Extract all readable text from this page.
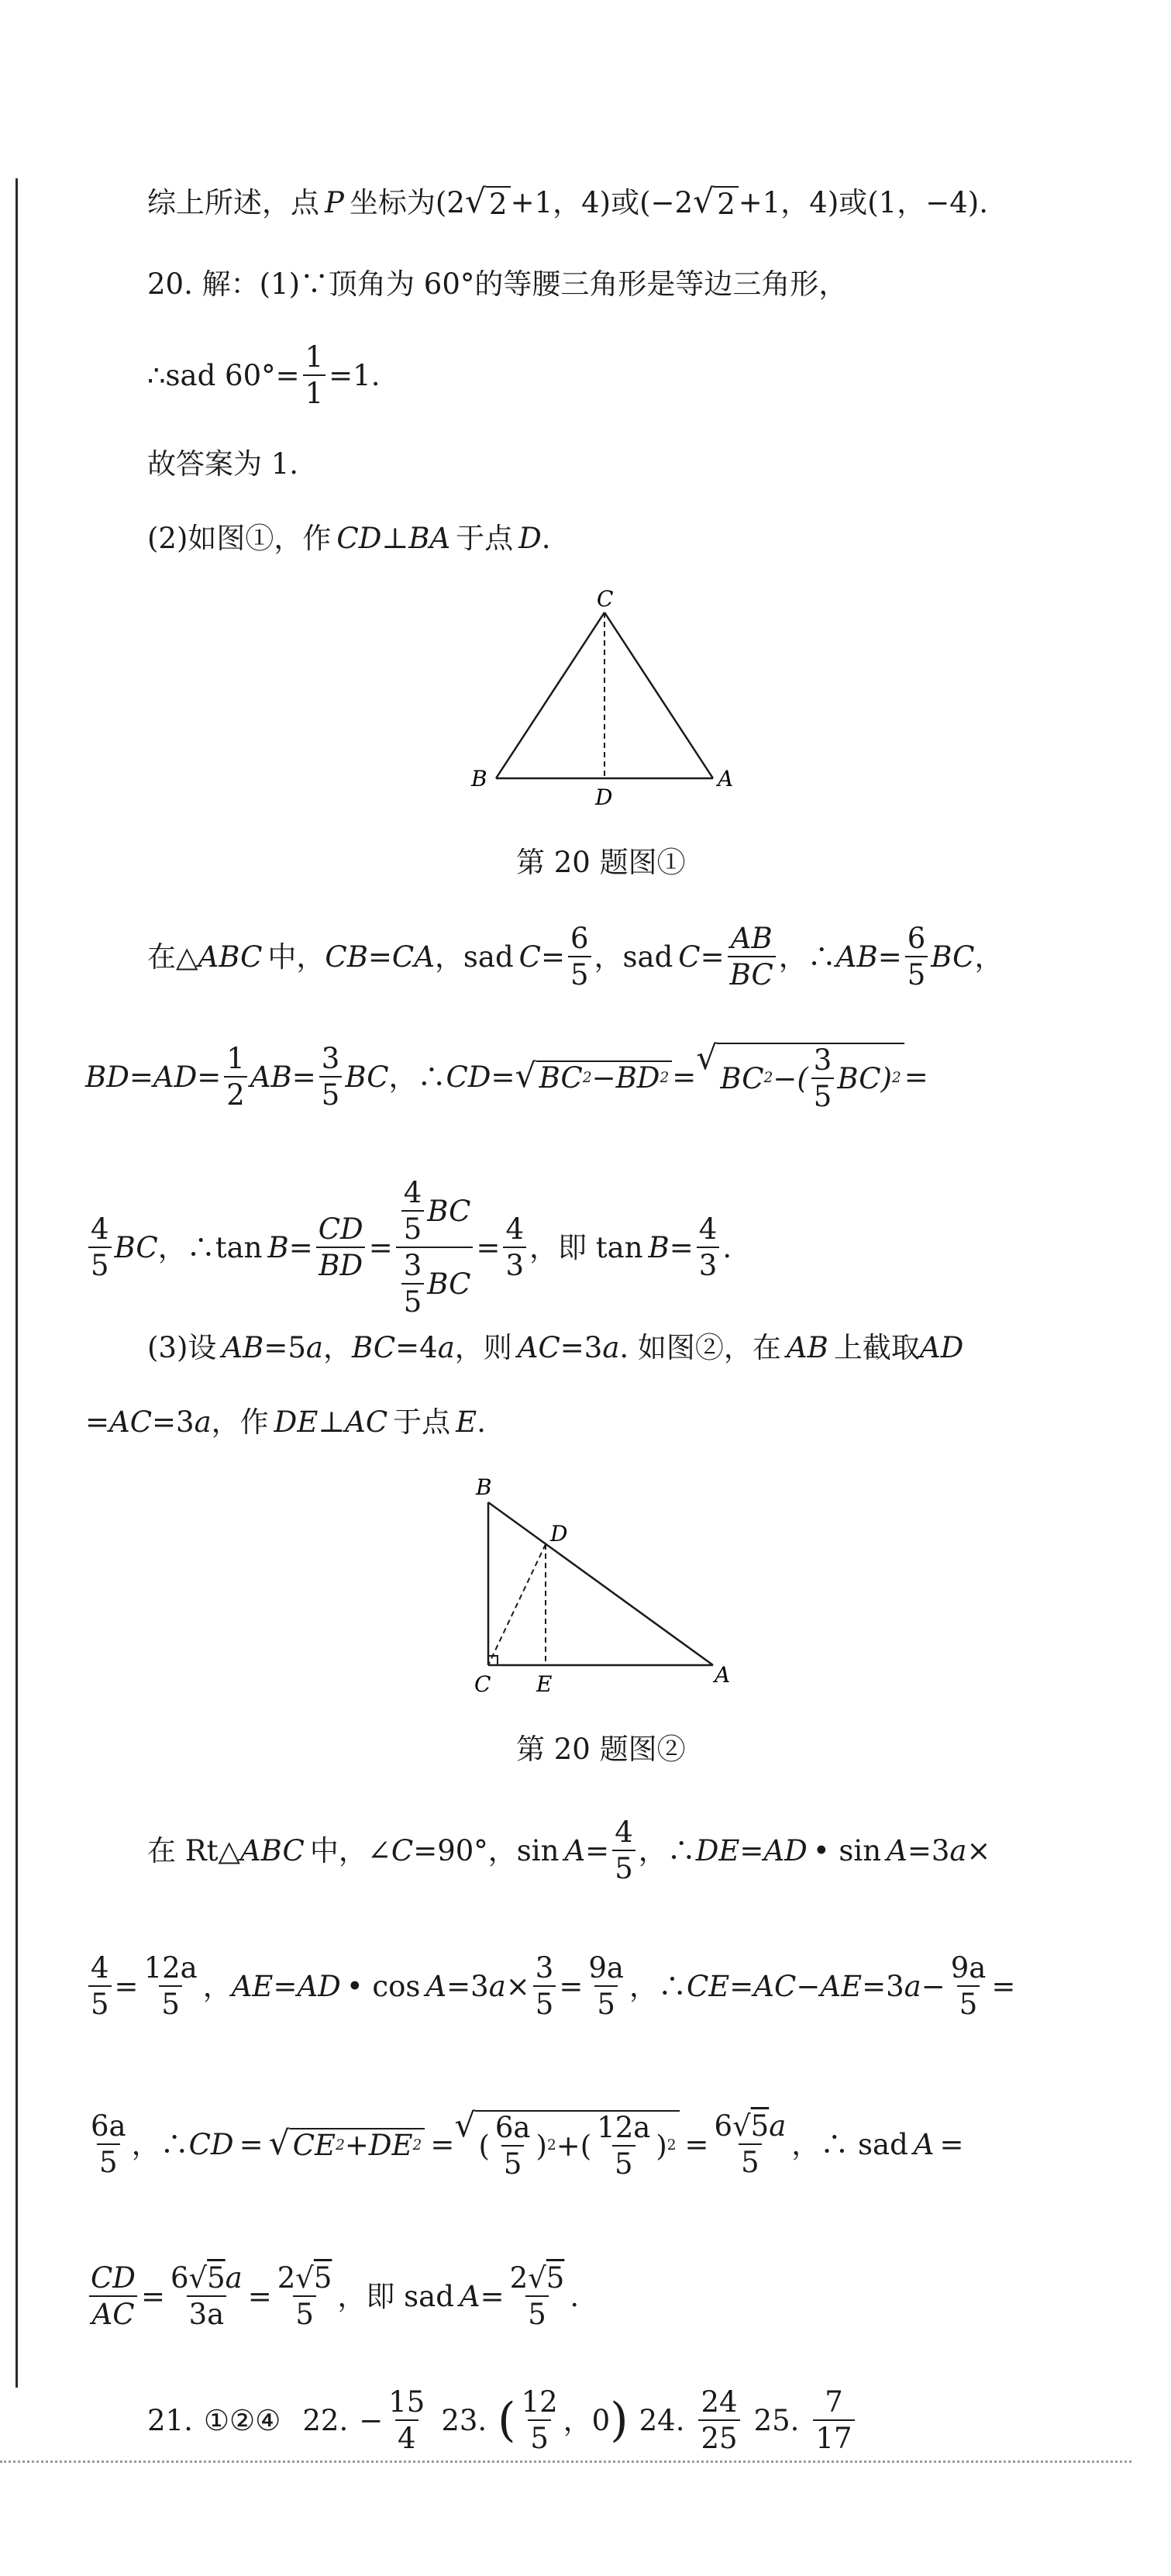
综上所述，点 P 坐标为(2 √ 2 +1，4)或(−2 √ 2 +1，4)或(1，−4).
20. 解：(1)∵顶角为 60°的等腰三角形是等边三角形，
∴sad $60^\circ= \frac{1}{1} =1$.
故答案为 1.
(2)如图①，作 CD ⊥ BA 于点 D .
C
B	A
D
第 20 题图①
在△ ABC 中， CB = CA ，sad $C = \frac{6}{5}$ ，sad $C = \frac{AB}{BC}$ ，∴ AB = $\frac{6}{5}$ BC ，
BD = AD = $\frac{1}{2}$ AB = $\frac{3}{5}$ BC ，∴ CD = √ BC 2 −BD 2 = √
BC 2 −( $\frac{3}{5} BC$) 2 =
$\frac{4}{5}$ BC ，∴tan $B = \frac{CD}{BD} = \frac{\frac{4}{5} BC}{\frac{3}{5} BC} = \frac{4}{3}$ ，即 $\tan B = \frac{4}{3}$ .
(3)设 AB =5 a ， BC =4 a ，则 AC =3 a . 如图②，在 AB 上截取 AD
= AC =3 a ，作 DE ⊥ AC 于点 E .
B
D
C E	A
第 20 题图②
在 Rt△ ABC 中，∠ C =90°，$\sin A = \frac{4}{5}$ ，∴ DE = AD • sin A =3 a ×
$\frac{4}{5} = \frac{12a}{5}$ ， AE = AD • cos A =3 $a \times \frac{3}{5} = \frac{9a}{5}$ ，∴ CE = AC − AE =3 $a - \frac{9a}{5}$ =
$\frac{6a}{5}$ ，∴ CD = √ CE 2 +DE 2 = √
( $\frac{6a}{5}$ ) 2 + ( $\frac{12a}{5}$ ) $2 = \frac{6√5a}{5}$ ，∴ sad A =
$\frac{CD}{AC} = \frac{6√5a}{3a} = \frac{2√5}{5}$ ，即 sad $A = \frac{2√5}{5}$ .
21. ①②④ 22. − $\frac{15}{4} 23$. ( $\frac{12}{5}$ ，0 ) 24. $\frac{24}{25} 25$. $\frac{7}{17}$
